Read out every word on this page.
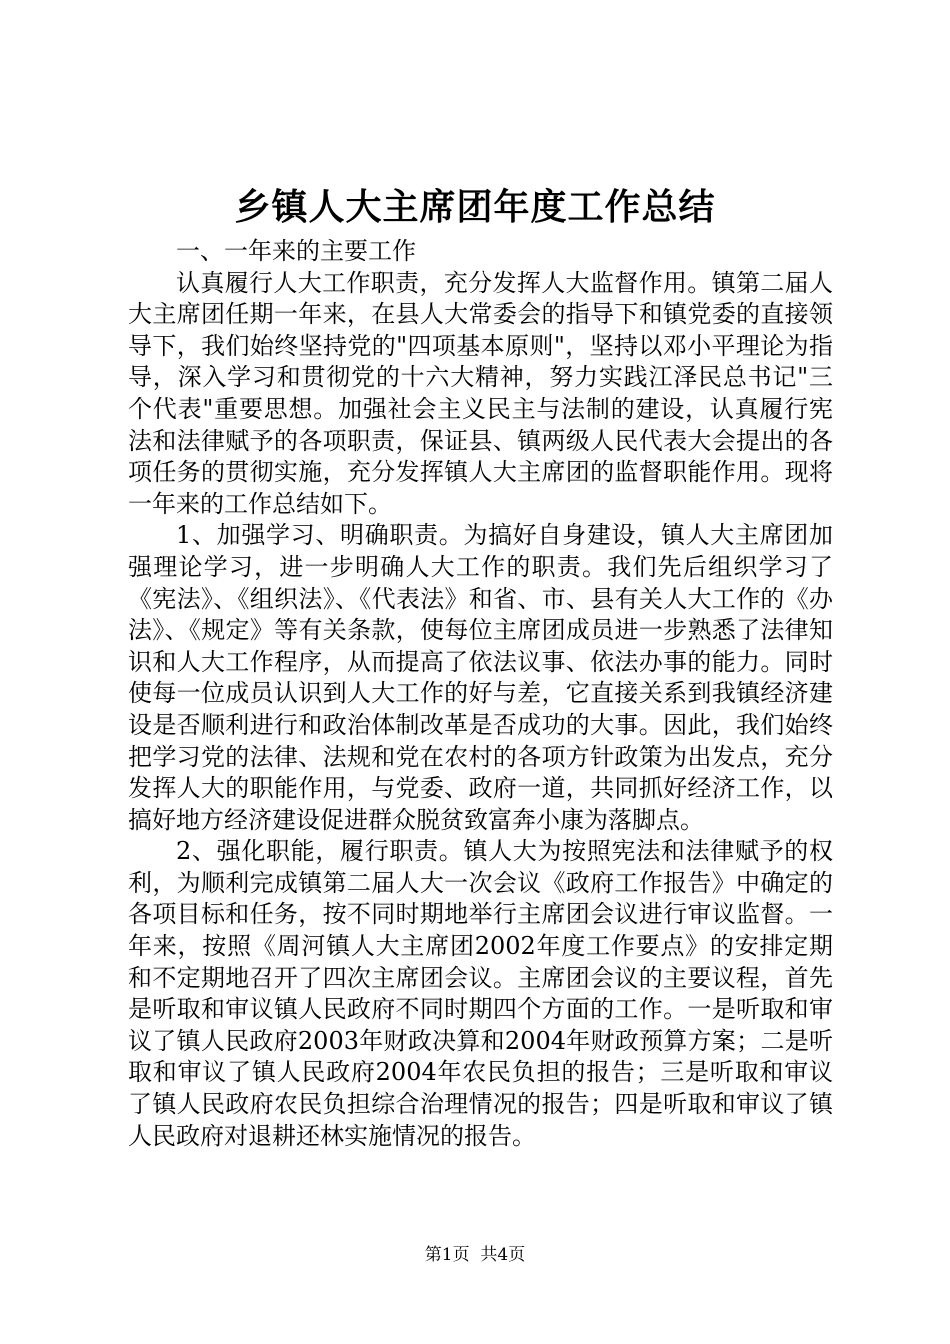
乡镇人大主席团年度工作总结

一、一年来的主要工作

认真履行人大工作职责，充分发挥人大监督作用。镇第二届人大主席团任期一年来，在县人大常委会的指导下和镇党委的直接领导下，我们始终坚持党的"四项基本原则"，坚持以邓小平理论为指导，深入学习和贯彻党的十六大精神，努力实践江泽民总书记"三个代表"重要思想。加强社会主义民主与法制的建设，认真履行宪法和法律赋予的各项职责，保证县、镇两级人民代表大会提出的各项任务的贯彻实施，充分发挥镇人大主席团的监督职能作用。现将一年来的工作总结如下。

1、加强学习、明确职责。为搞好自身建设，镇人大主席团加强理论学习，进一步明确人大工作的职责。我们先后组织学习了《宪法》、《组织法》、《代表法》和省、市、县有关人大工作的《办法》、《规定》等有关条款，使每位主席团成员进一步熟悉了法律知识和人大工作程序，从而提高了依法议事、依法办事的能力。同时使每一位成员认识到人大工作的好与差，它直接关系到我镇经济建设是否顺利进行和政治体制改革是否成功的大事。因此，我们始终把学习党的法律、法规和党在农村的各项方针政策为出发点，充分发挥人大的职能作用，与党委、政府一道，共同抓好经济工作，以搞好地方经济建设促进群众脱贫致富奔小康为落脚点。

2、强化职能，履行职责。镇人大为按照宪法和法律赋予的权利，为顺利完成镇第二届人大一次会议《政府工作报告》中确定的各项目标和任务，按不同时期地举行主席团会议进行审议监督。一年来，按照《周河镇人大主席团2002年度工作要点》的安排定期和不定期地召开了四次主席团会议。主席团会议的主要议程，首先是听取和审议镇人民政府不同时期四个方面的工作。一是听取和审议了镇人民政府2003年财政决算和2004年财政预算方案；二是听取和审议了镇人民政府2004年农民负担的报告；三是听取和审议了镇人民政府农民负担综合治理情况的报告；四是听取和审议了镇人民政府对退耕还林实施情况的报告。

第1页  共4页
